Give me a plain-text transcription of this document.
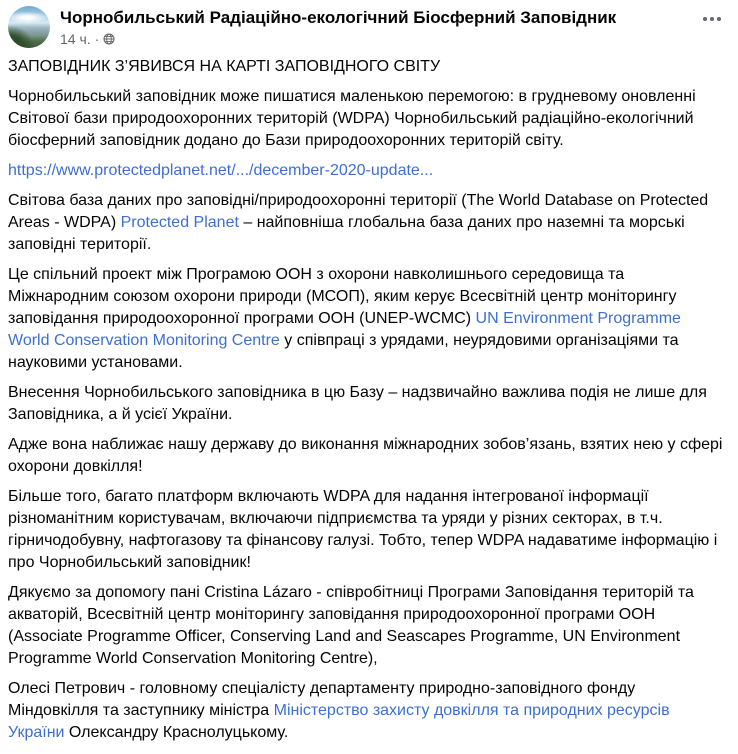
Чорнобильський Радіаційно-екологічний Біосферний Заповідник
14 ч. ·
ЗАПОВІДНИК З’ЯВИВСЯ НА КАРТІ ЗАПОВІДНОГО СВІТУ
Чорнобильський заповідник може пишатися маленькою перемогою: в грудневому оновленні Світової бази природоохоронних територій (WDPA) Чорнобильський радіаційно-екологічний біосферний заповідник додано до Бази природоохоронних територій світу.
https://www.protectedplanet.net/.../december-2020-update...
Світова база даних про заповідні/природоохоронні території (The World Database on Protected Areas - WDPA) Protected Planet – найповніша глобальна база даних про наземні та морські заповідні території.
Це спільний проект між Програмою ООН з охорони навколишнього середовища та Міжнародним союзом охорони природи (МСОП), яким керує Всесвітній центр моніторингу заповідання природоохоронної програми ООН (UNEP-WCMC) UN Environment Programme World Conservation Monitoring Centre у співпраці з урядами, неурядовими організаціями та науковими установами.
Внесення Чорнобильського заповідника в цю Базу – надзвичайно важлива подія не лише для Заповідника, а й усієї України.
Адже вона наближає нашу державу до виконання міжнародних зобов’язань, взятих нею у сфері охорони довкілля!
Більше того, багато платформ включають WDPA для надання інтегрованої інформації різноманітним користувачам, включаючи підприємства та уряди у різних секторах, в т.ч. гірничодобувну, нафтогазову та фінансову галузі. Тобто, тепер WDPA надаватиме інформацію і про Чорнобильський заповідник!
Дякуємо за допомогу пані Cristina Lázaro - співробітниці Програми Заповідання територій та акваторій, Всесвітній центр моніторингу заповідання природоохоронної програми ООН (Associate Programme Officer, Conserving Land and Seascapes Programme, UN Environment Programme World Conservation Monitoring Centre),
Олесі Петрович - головному спеціалісту департаменту природно-заповідного фонду Міндовкілля та заступнику міністра Міністерство захисту довкілля та природних ресурсів України Олександру Краснолуцькому.
